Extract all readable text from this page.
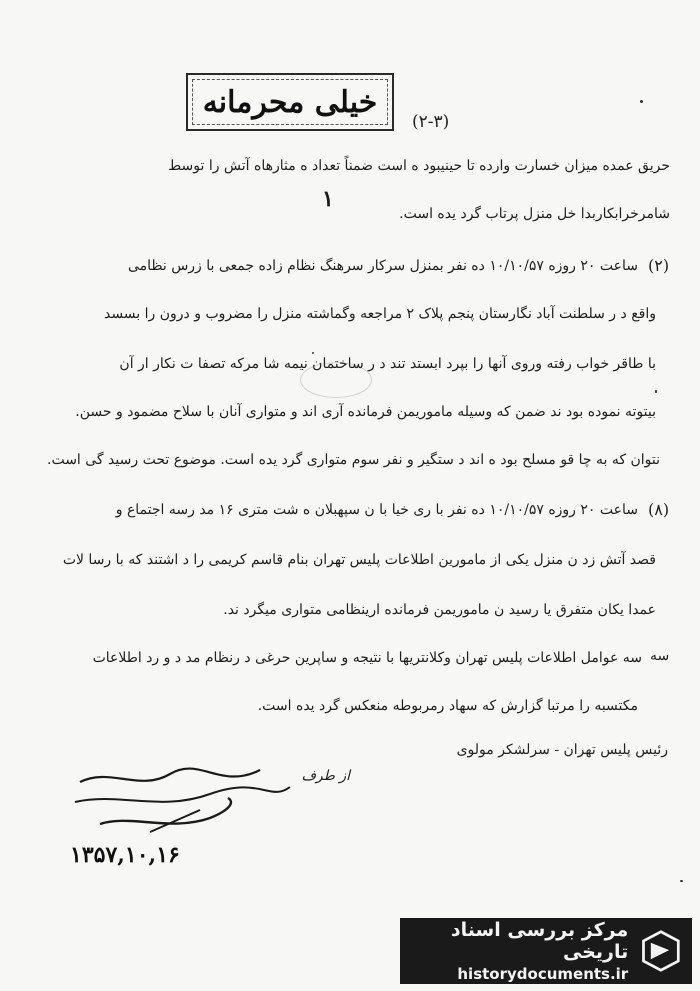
خیلی محرمانه
(۲-۳)
حریق عمده میزان خسارت وارده تا حینیبود ه است ضمناً تعداد ه مثارهاه آتش را توسط
شامرخرابکاربدا خل منزل پرتاب گرد یده است.
۱
(۲)
ساعت ۲۰ روزه ۱۰/۱۰/۵۷ ده نفر بمنزل سرکار سرهنگ نظام زاده جمعی با زرس نظامی
واقع د ر سلطنت آباد نگارستان پنجم پلاک ۲ مراجعه وگماشته منزل را مضروب و درون را بسسد
با طاقر خواب رفته وروی آنها را بپرد ابستد تند د ر ساختمان نیمه شا مرکه تصفا ت نکار ار آن
بیتوته نموده بود ند ضمن که وسیله ماموریمن فرمانده آری اند و متواری آنان با سلاح مضمود و حسن.
نتوان که به چا قو مسلح بود ه اند د ستگیر و نفر سوم متواری گرد یده است. موضوع تحت رسید گی است.
(۸)
ساعت ۲۰ روزه ۱۰/۱۰/۵۷ ده نفر با ری خیا با ن سپهبلان ه شت متری ۱۶ مد رسه اجتماع و
قصد آتش زد ن منزل یکی از مامورین اطلاعات پلیس تهران بنام قاسم کریمی را د اشتند که با رسا لات
عمدا یکان متفرق یا رسید ن ماموریمن فرمانده ارینظامی متواری میگرد ند.
سه
سه عوامل اطلاعات پلیس تهران وکلانتریها با نتیجه و ساپرین حرغی د رنظام مد د و رد اطلاعات
مکتسبه را مرتبا گزارش که سهاد رمربوطه منعکس گرد یده است.
رئیس پلیس تهران - سرلشکر مولوی
از طرف
۱۳۵۷,۱۰,۱۶
مرکز بررسی اسناد تاریخی
historydocuments.ir
